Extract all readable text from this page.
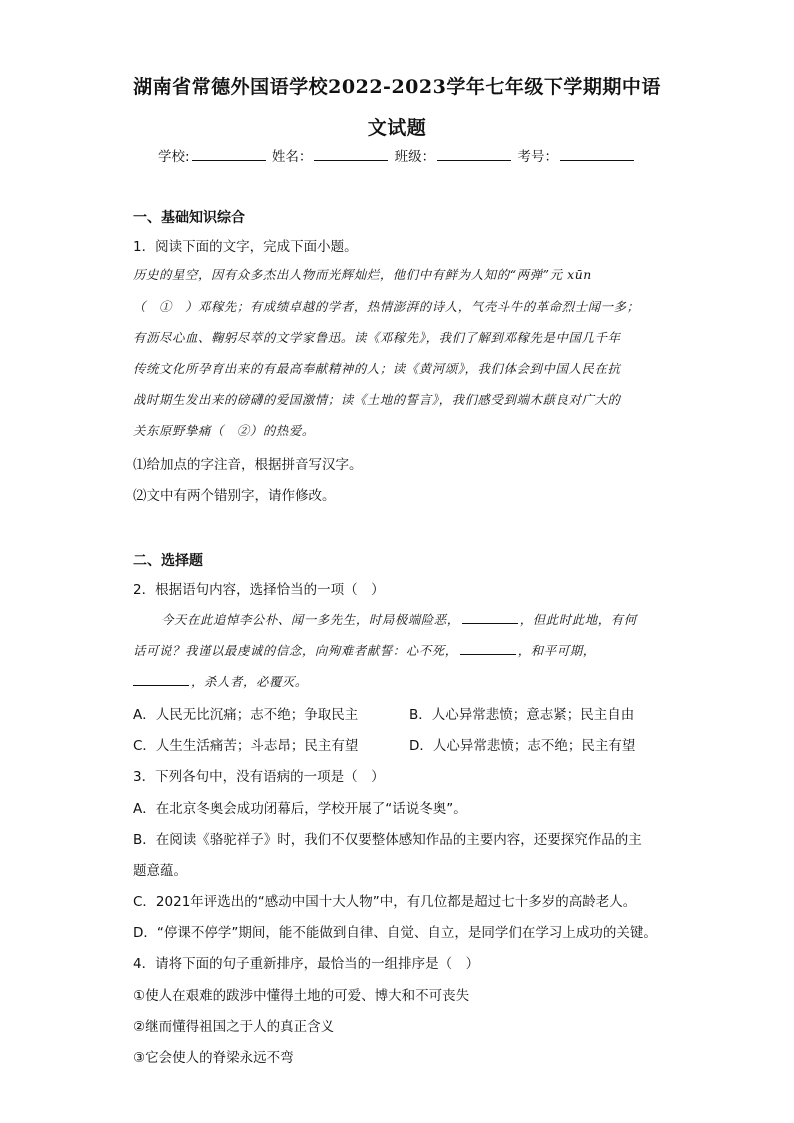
湖南省常德外国语学校2022-2023学年七年级下学期期中语
文试题
学校:	姓名：	班级：	考号：
一、基础知识综合
1．阅读下面的文字，完成下面小题。
历史的星空，因有众多杰出人物而光辉灿烂，他们中有鲜为人知的“两弹”元 xūn
（　①　）邓稼先；有成绩卓越的学者，热情澎湃的诗人，气壳斗牛的革命烈士闻一多；
有沥尽心血、鞠躬尽萃的文学家鲁迅。读《邓稼先》，我们了解到邓稼先是中国几千年
传统文化所孕育出来的有最高奉献精神的人；读《黄河颂》，我们体会到中国人民在抗
战时期生发出来的磅礴的爱国激情；读《土地的誓言》，我们感受到端木蕻良对广大的
关东原野挚痛（　②）的热爱。
⑴给加点的字注音，根据拼音写汉字。
⑵文中有两个错别字，请作修改。
二、选择题
2．根据语句内容，选择恰当的一项（　）
今天在此追悼李公朴、闻一多先生，时局极端险恶，	，但此时此地，有何
话可说？我谨以最虔诚的信念，向殉难者献誓：心不死，	，和平可期，
，杀人者，必覆灭。
A．人民无比沉痛；志不绝；争取民主	B．人心异常悲愤；意志紧；民主自由
C．人生生活痛苦；斗志昂；民主有望	D．人心异常悲愤；志不绝；民主有望
3．下列各句中，没有语病的一项是（　）
A．在北京冬奥会成功闭幕后，学校开展了“话说冬奥”。
B．在阅读《骆驼祥子》时，我们不仅要整体感知作品的主要内容，还要探究作品的主
题意蕴。
C．2021年评选出的“感动中国十大人物”中，有几位都是超过七十多岁的高龄老人。
D．“停课不停学”期间，能不能做到自律、自觉、自立，是同学们在学习上成功的关键。
4．请将下面的句子重新排序，最恰当的一组排序是（　）
①使人在艰难的跋涉中懂得土地的可爱、博大和不可丧失
②继而懂得祖国之于人的真正含义
③它会使人的脊梁永远不弯
